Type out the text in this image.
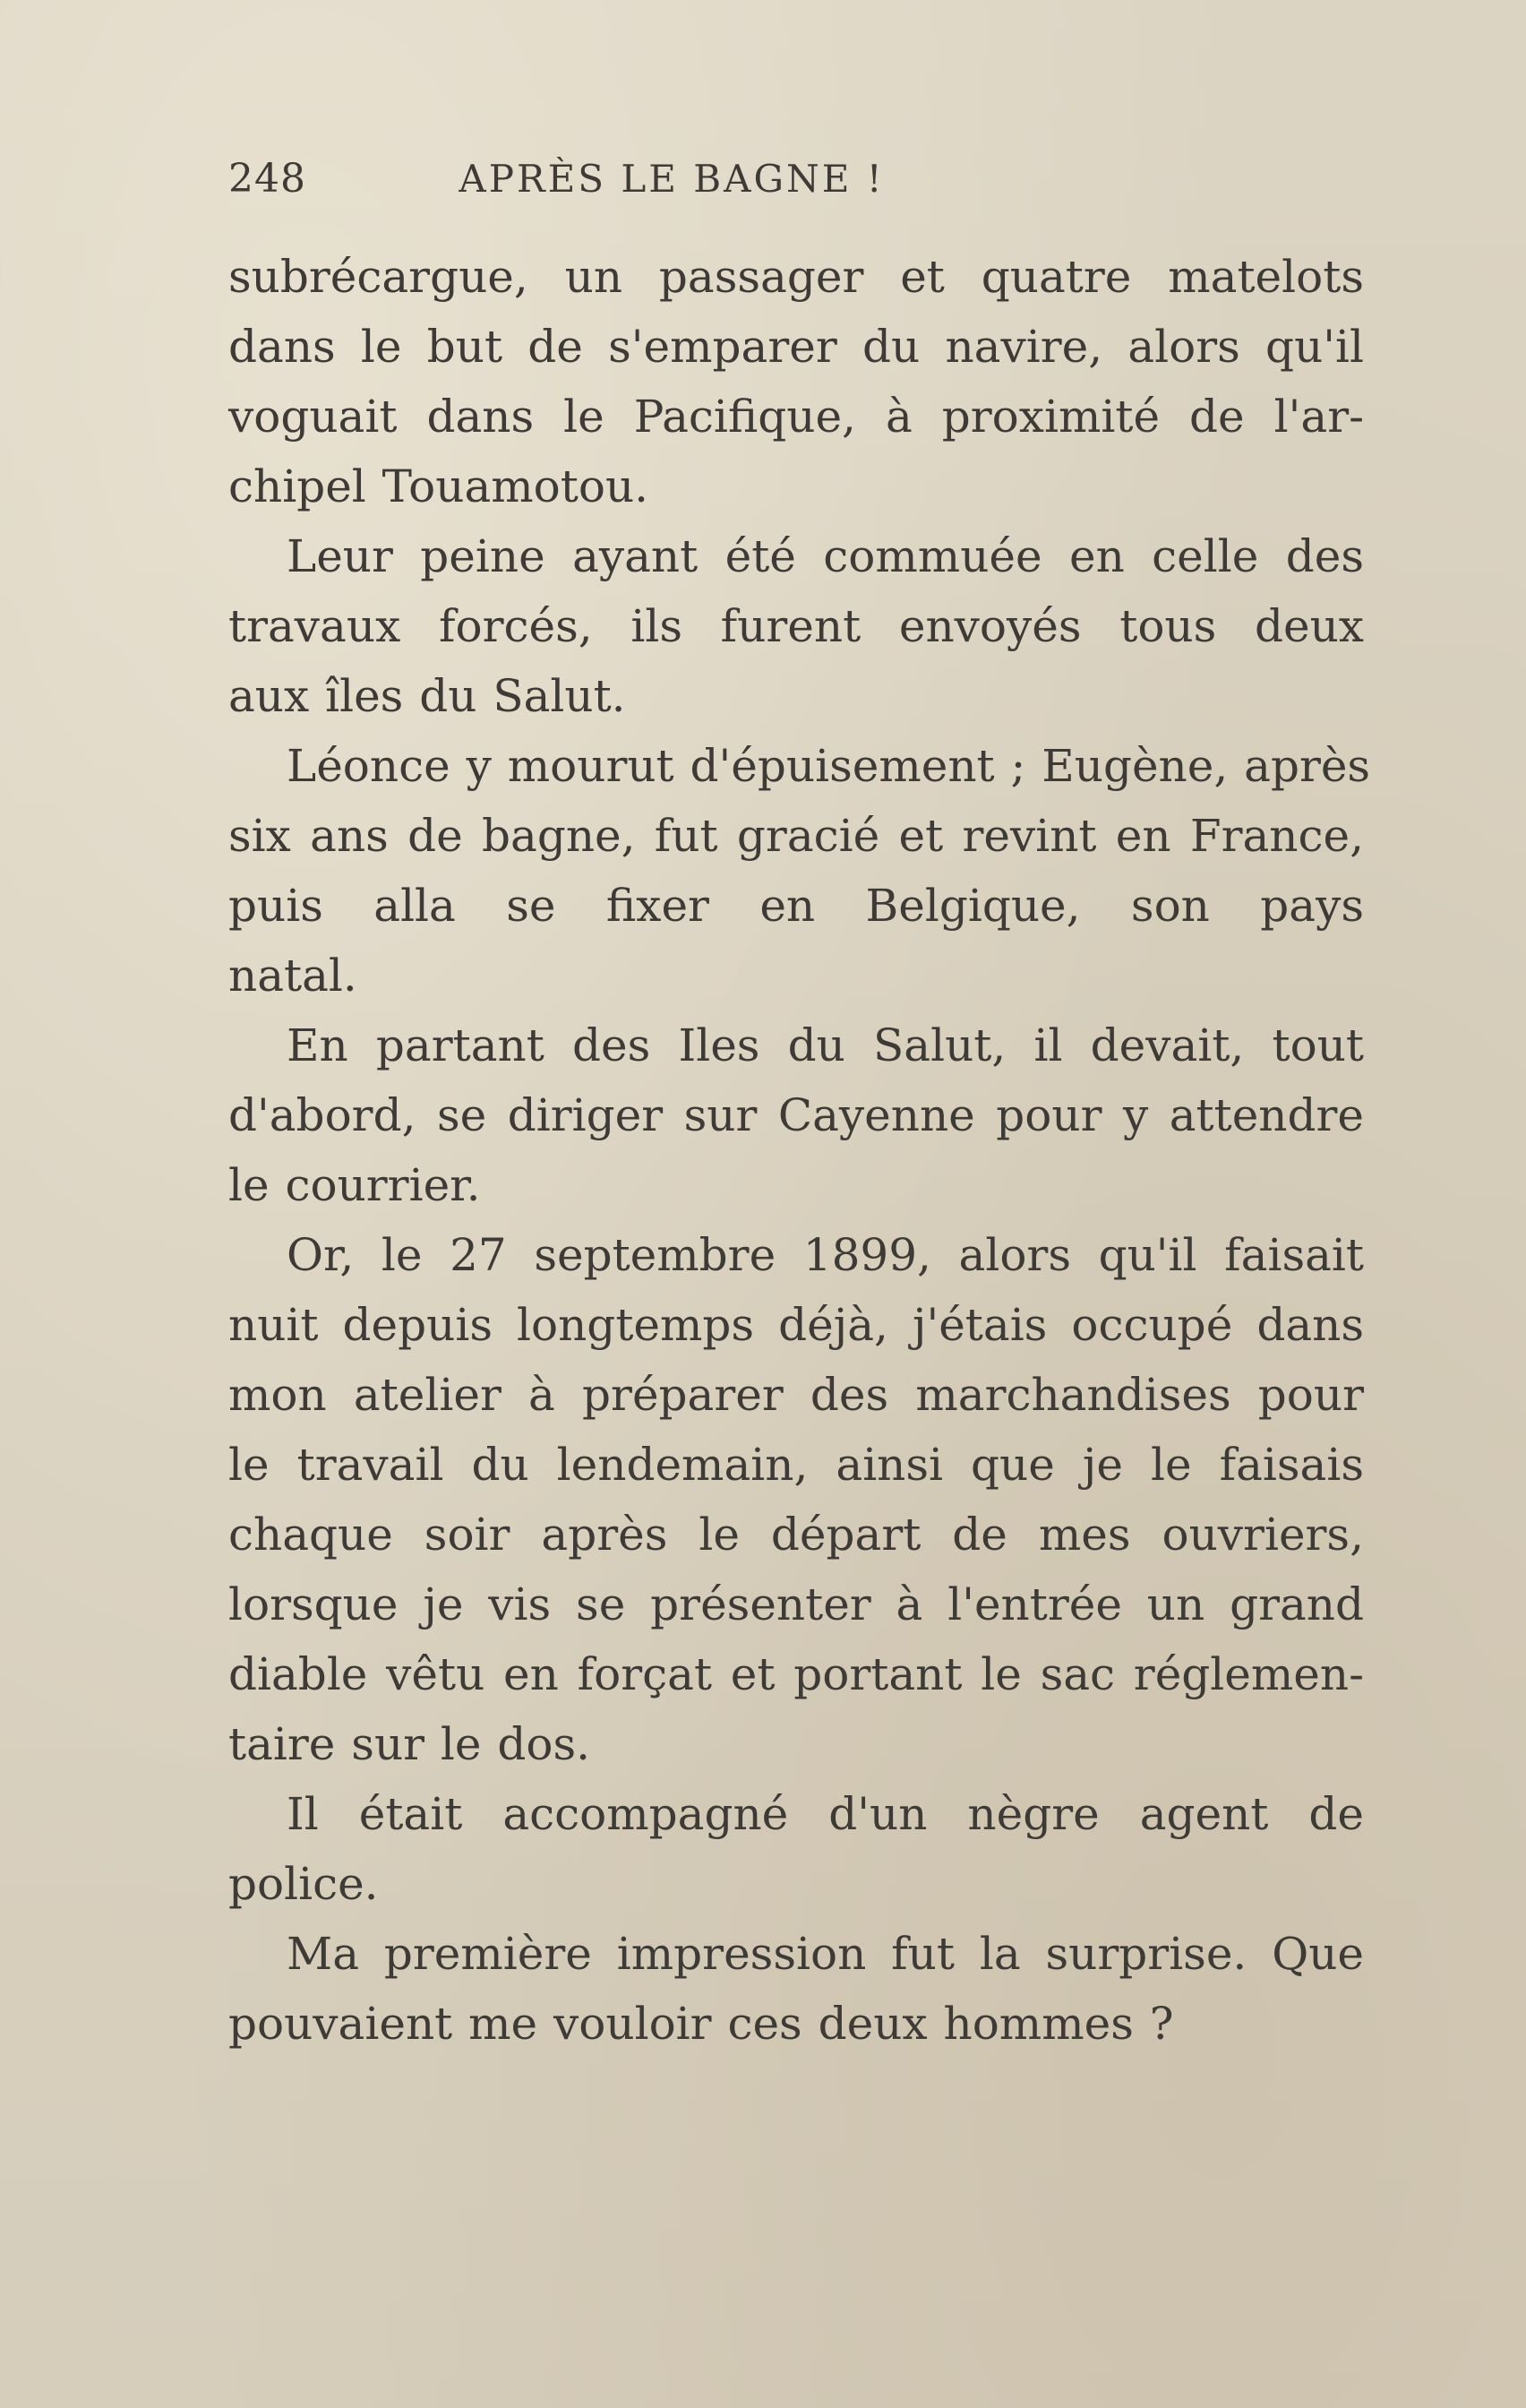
248	APRÈS LE BAGNE !
subrécargue, un passager et quatre matelots
dans le but de s'emparer du navire, alors qu'il
voguait dans le Pacifique, à proximité de l'ar-
chipel Touamotou.
Leur peine ayant été commuée en celle des
travaux forcés, ils furent envoyés tous deux
aux îles du Salut.
Léonce y mourut d'épuisement ; Eugène, après
six ans de bagne, fut gracié et revint en France,
puis alla se fixer en Belgique, son pays
natal.
En partant des Iles du Salut, il devait, tout
d'abord, se diriger sur Cayenne pour y attendre
le courrier.
Or, le 27 septembre 1899, alors qu'il faisait
nuit depuis longtemps déjà, j'étais occupé dans
mon atelier à préparer des marchandises pour
le travail du lendemain, ainsi que je le faisais
chaque soir après le départ de mes ouvriers,
lorsque je vis se présenter à l'entrée un grand
diable vêtu en forçat et portant le sac réglemen-
taire sur le dos.
Il était accompagné d'un nègre agent de
police.
Ma première impression fut la surprise. Que
pouvaient me vouloir ces deux hommes ?
